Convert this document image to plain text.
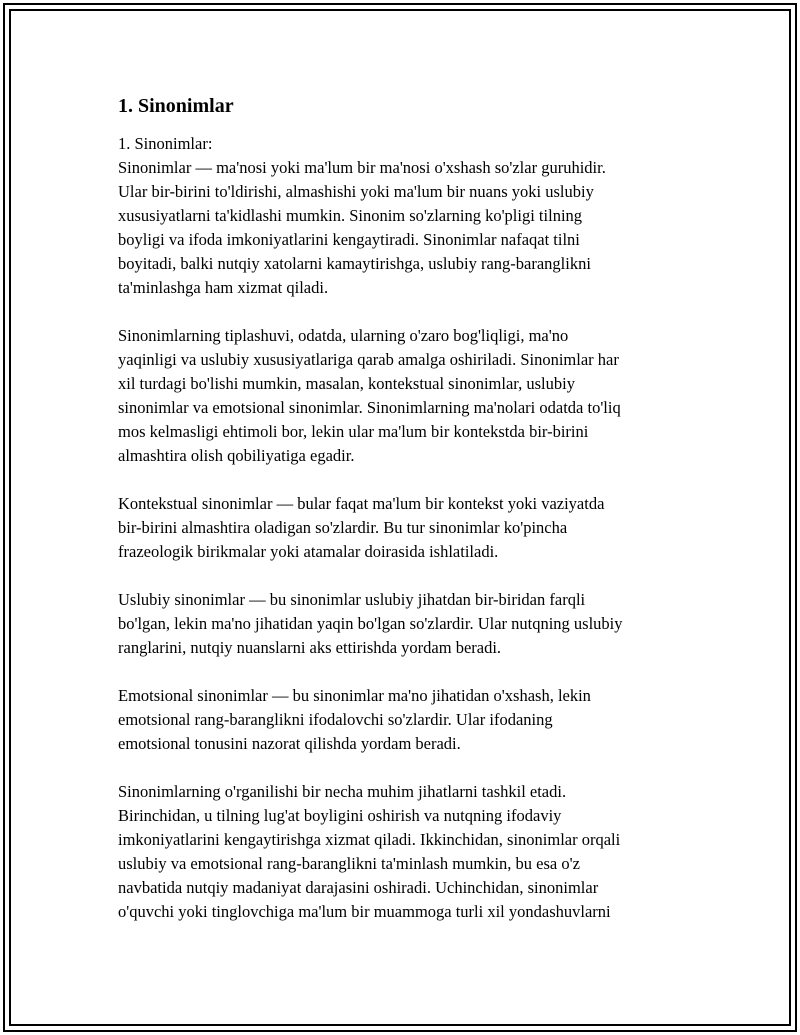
1. Sinonimlar

1. Sinonimlar:
Sinonimlar — ma'nosi yoki ma'lum bir ma'nosi o'xshash so'zlar guruhidir.
Ular bir-birini to'ldirishi, almashishi yoki ma'lum bir nuans yoki uslubiy
xususiyatlarni ta'kidlashi mumkin. Sinonim so'zlarning ko'pligi tilning
boyligi va ifoda imkoniyatlarini kengaytiradi. Sinonimlar nafaqat tilni
boyitadi, balki nutqiy xatolarni kamaytirishga, uslubiy rang-baranglikni
ta'minlashga ham xizmat qiladi.

Sinonimlarning tiplashuvi, odatda, ularning o'zaro bog'liqligi, ma'no
yaqinligi va uslubiy xususiyatlariga qarab amalga oshiriladi. Sinonimlar har
xil turdagi bo'lishi mumkin, masalan, kontekstual sinonimlar, uslubiy
sinonimlar va emotsional sinonimlar. Sinonimlarning ma'nolari odatda to'liq
mos kelmasligi ehtimoli bor, lekin ular ma'lum bir kontekstda bir-birini
almashtira olish qobiliyatiga egadir.

Kontekstual sinonimlar — bular faqat ma'lum bir kontekst yoki vaziyatda
bir-birini almashtira oladigan so'zlardir. Bu tur sinonimlar ko'pincha
frazeologik birikmalar yoki atamalar doirasida ishlatiladi.

Uslubiy sinonimlar — bu sinonimlar uslubiy jihatdan bir-biridan farqli
bo'lgan, lekin ma'no jihatidan yaqin bo'lgan so'zlardir. Ular nutqning uslubiy
ranglarini, nutqiy nuanslarni aks ettirishda yordam beradi.

Emotsional sinonimlar — bu sinonimlar ma'no jihatidan o'xshash, lekin
emotsional rang-baranglikni ifodalovchi so'zlardir. Ular ifodaning
emotsional tonusini nazorat qilishda yordam beradi.

Sinonimlarning o'rganilishi bir necha muhim jihatlarni tashkil etadi.
Birinchidan, u tilning lug'at boyligini oshirish va nutqning ifodaviy
imkoniyatlarini kengaytirishga xizmat qiladi. Ikkinchidan, sinonimlar orqali
uslubiy va emotsional rang-baranglikni ta'minlash mumkin, bu esa o'z
navbatida nutqiy madaniyat darajasini oshiradi. Uchinchidan, sinonimlar
o'quvchi yoki tinglovchiga ma'lum bir muammoga turli xil yondashuvlarni
